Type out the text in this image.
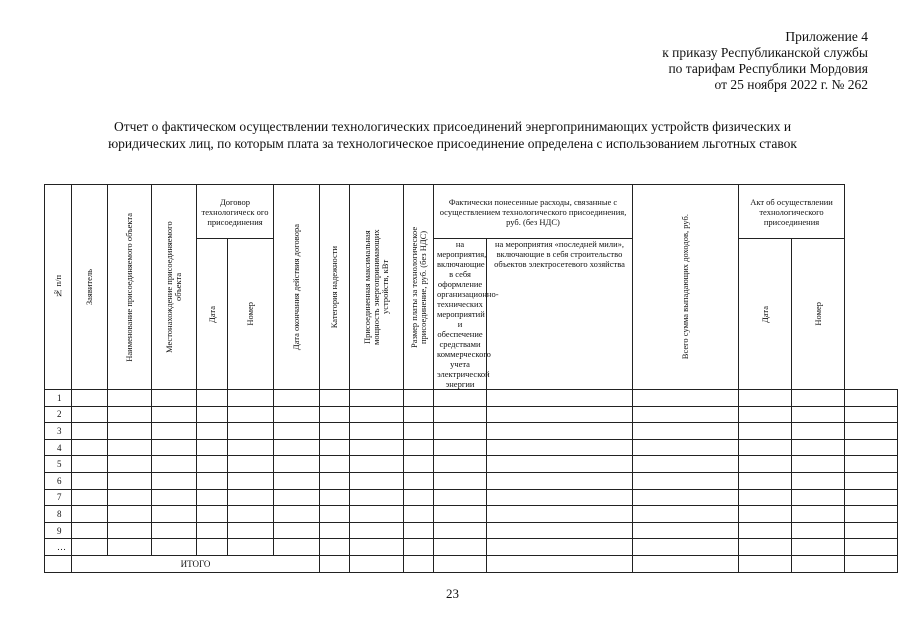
Приложение 4
к приказу Республиканской службы
по тарифам Республики Мордовия
от 25 ноября 2022 г. № 262
Отчет о фактическом осуществлении технологических присоединений энергопринимающих устройств физических и
юридических лиц, по которым плата за технологическое присоединение определена с использованием льготных ставок
№ п/п	Заявитель	Наименование присоединяемого объекта	Местонахождение присоединяемого объекта	Договор технологическ ого присоединения		Дата окончания действия договора	Категория надежности	Присоединенная максимальная мощность энергопринимающих устройств, кВт	Размер платы за технологическое присоединение, руб. (без НДС)	Фактически понесенные расходы, связанные с осуществлением технологического присоединения, руб. (без НДС)		Всего сумма выпадающих доходов, руб.	Акт об осуществлении технологического присоединения		

				Дата	Номер					на мероприятия, включающие в себя оформление организационно-технических мероприятий и обеспечение средствами коммерческого учета электрической энергии	на мероприятия «последней мили», включающие в себя строительство объектов электросетевого хозяйства		Дата	Номер	

1															
2															
3															
4															
5															
6															
7															
8															
9															
…															
	ИТОГО														
23
